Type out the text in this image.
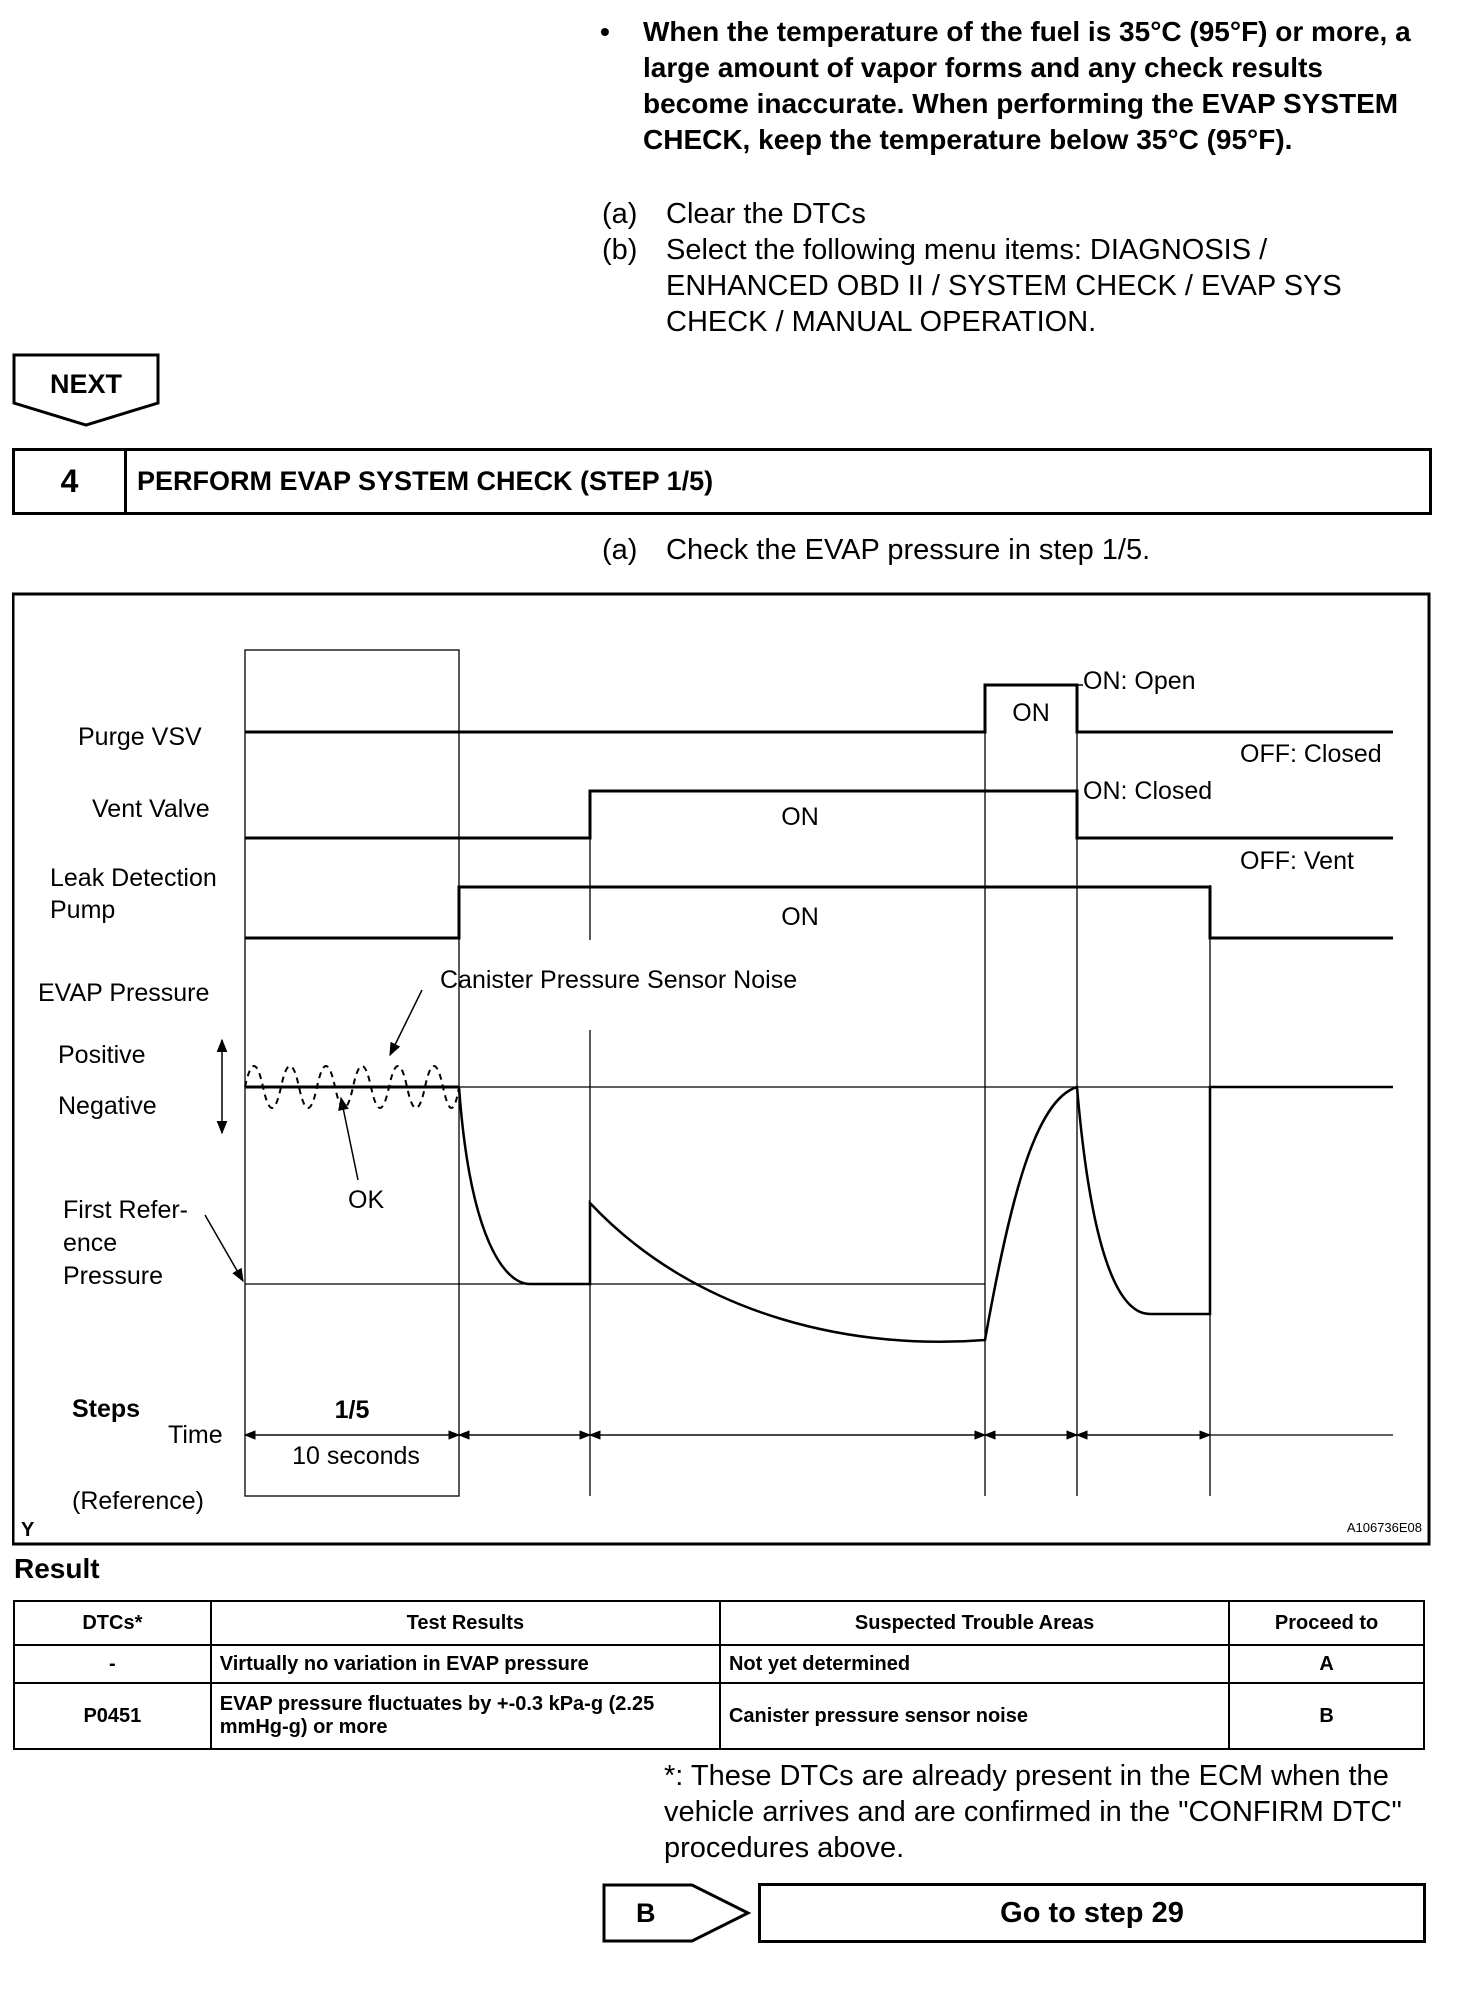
• When the temperature of the fuel is 35°C (95°F) or more, a large amount of vapor forms and any check results become inaccurate. When performing the EVAP SYSTEM CHECK, keep the temperature below 35°C (95°F).
(a) Clear the DTCs
(b) Select the following menu items: DIAGNOSIS / ENHANCED OBD II / SYSTEM CHECK / EVAP SYS CHECK / MANUAL OPERATION.
NEXT
4	PERFORM EVAP SYSTEM CHECK (STEP 1/5)
(a) Check the EVAP pressure in step 1/5.
Purge VSV
Vent Valve
Leak Detection
Pump
EVAP Pressure
Positive
Negative
First Refer-
ence
Pressure
ON
ON
ON
ON: Open
OFF: Closed
ON: Closed
OFF: Vent
Canister Pressure Sensor Noise
OK
Steps
Time
(Reference)
1/5
10 seconds
Y	A106736E08
Result
DTCs*	Test Results	Suspected Trouble Areas	Proceed to
-	Virtually no variation in EVAP pressure	Not yet determined	A
P0451	EVAP pressure fluctuates by +-0.3 kPa-g (2.25 mmHg-g) or more	Canister pressure sensor noise	B
*: These DTCs are already present in the ECM when the vehicle arrives and are confirmed in the "CONFIRM DTC" procedures above.
B	Go to step 29
